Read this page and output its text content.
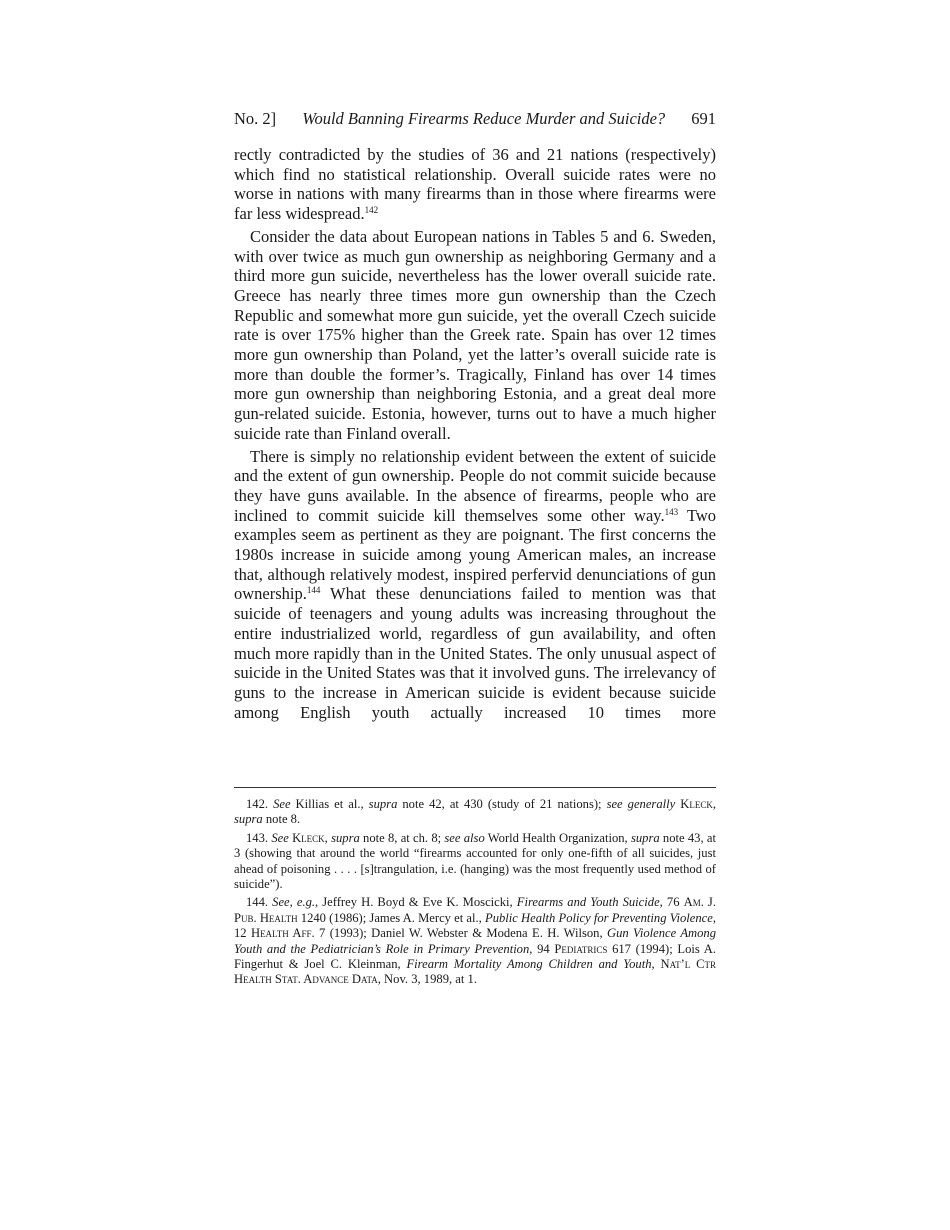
No. 2] Would Banning Firearms Reduce Murder and Suicide? 691

rectly contradicted by the studies of 36 and 21 nations (respectively) which find no statistical relationship. Overall suicide rates were no worse in nations with many firearms than in those where firearms were far less widespread.$^{142}$

Consider the data about European nations in Tables 5 and 6. Sweden, with over twice as much gun ownership as neighboring Germany and a third more gun suicide, nevertheless has the lower overall suicide rate. Greece has nearly three times more gun ownership than the Czech Republic and somewhat more gun suicide, yet the overall Czech suicide rate is over 175% higher than the Greek rate. Spain has over 12 times more gun ownership than Poland, yet the latter’s overall suicide rate is more than double the former’s. Tragically, Finland has over 14 times more gun ownership than neighboring Estonia, and a great deal more gun-related suicide. Estonia, however, turns out to have a much higher suicide rate than Finland overall.

There is simply no relationship evident between the extent of suicide and the extent of gun ownership. People do not commit suicide because they have guns available. In the absence of firearms, people who are inclined to commit suicide kill themselves some other way.$^{143}$ Two examples seem as pertinent as they are poignant. The first concerns the 1980s increase in suicide among young American males, an increase that, although relatively modest, inspired perfervid denunciations of gun ownership.$^{144}$ What these denunciations failed to mention was that suicide of teenagers and young adults was increasing throughout the entire industrialized world, regardless of gun availability, and often much more rapidly than in the United States. The only unusual aspect of suicide in the United States was that it involved guns. The irrelevancy of guns to the increase in American suicide is evident because suicide among English youth actually increased 10 times more

142. See Killias et al., supra note 42, at 430 (study of 21 nations); see generally Kleck, supra note 8.

143. See Kleck, supra note 8, at ch. 8; see also World Health Organization, supra note 43, at 3 (showing that around the world “firearms accounted for only one-fifth of all suicides, just ahead of poisoning . . . . [s]trangulation, i.e. (hanging) was the most frequently used method of suicide”).

144. See, e.g., Jeffrey H. Boyd & Eve K. Moscicki, Firearms and Youth Suicide, 76 Am. J. Pub. Health 1240 (1986); James A. Mercy et al., Public Health Policy for Preventing Violence, 12 Health Aff. 7 (1993); Daniel W. Webster & Modena E. H. Wilson, Gun Violence Among Youth and the Pediatrician’s Role in Primary Prevention, 94 Pediatrics 617 (1994); Lois A. Fingerhut & Joel C. Kleinman, Firearm Mortality Among Children and Youth, Nat’l Ctr Health Stat. Advance Data, Nov. 3, 1989, at 1.
